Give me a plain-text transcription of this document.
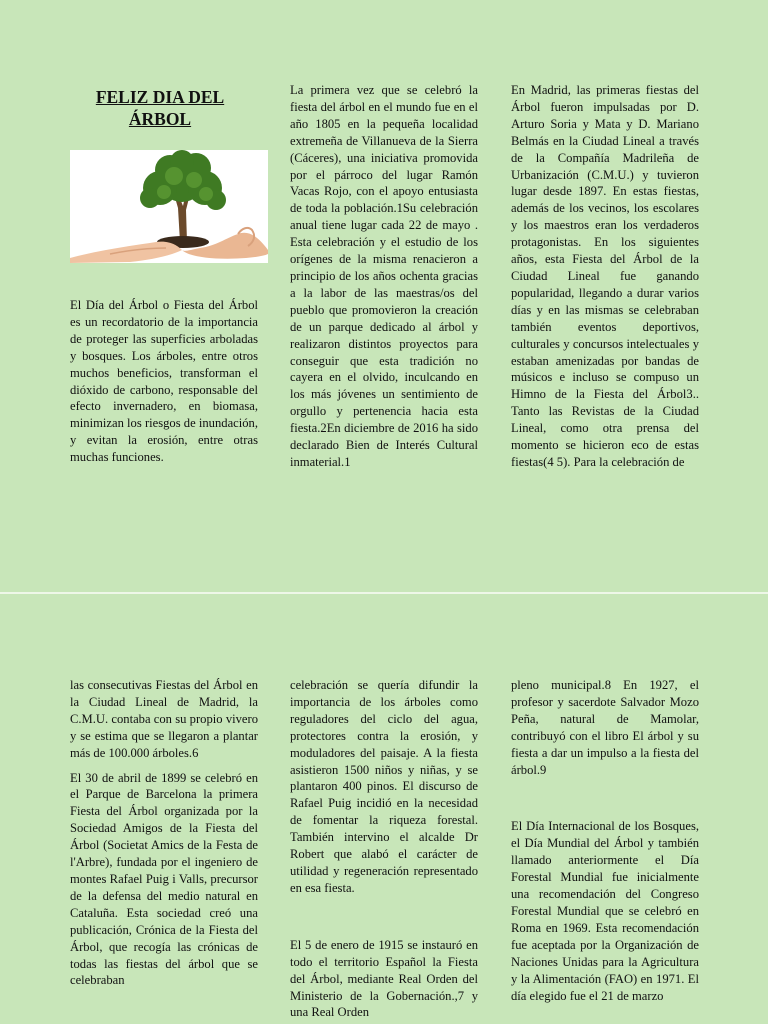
FELIZ DIA DEL ÁRBOL

El Día del Árbol o Fiesta del Árbol es un recordatorio de la importancia de proteger las superficies arboladas y bosques. Los árboles, entre otros muchos beneficios, transforman el dióxido de carbono, responsable del efecto invernadero, en biomasa, minimizan los riesgos de inundación, y evitan la erosión, entre otras muchas funciones.

La primera vez que se celebró la fiesta del árbol en el mundo fue en el año 1805 en la pequeña localidad extremeña de Villanueva de la Sierra (Cáceres), una iniciativa promovida por el párroco del lugar Ramón Vacas Rojo, con el apoyo entusiasta de toda la población.1Su celebración anual tiene lugar cada 22 de mayo . Esta celebración y el estudio de los orígenes de la misma renacieron a principio de los años ochenta gracias a la labor de las maestras/os del pueblo que promovieron la creación de un parque dedicado al árbol y realizaron distintos proyectos para conseguir que esta tradición no cayera en el olvido, inculcando en los más jóvenes un sentimiento de orgullo y pertenencia hacia esta fiesta.2En diciembre de 2016 ha sido declarado Bien de Interés Cultural inmaterial.1

En Madrid, las primeras fiestas del Árbol fueron impulsadas por D. Arturo Soria y Mata y D. Mariano Belmás en la Ciudad Lineal a través de la Compañía Madrileña de Urbanización (C.M.U.) y tuvieron lugar desde 1897. En estas fiestas, además de los vecinos, los escolares y los maestros eran los verdaderos protagonistas. En los siguientes años, esta Fiesta del Árbol de la Ciudad Lineal fue ganando popularidad, llegando a durar varios días y en las mismas se celebraban también eventos deportivos, culturales y concursos intelectuales y estaban amenizadas por bandas de músicos e incluso se compuso un Himno de la Fiesta del Árbol3.. Tanto las Revistas de la Ciudad Lineal, como otra prensa del momento se hicieron eco de estas fiestas(4 5). Para la celebración de

las consecutivas Fiestas del Árbol en la Ciudad Lineal de Madrid, la C.M.U. contaba con su propio vivero y se estima que se llegaron a plantar más de 100.000 árboles.6

El 30 de abril de 1899 se celebró en el Parque de Barcelona la primera Fiesta del Árbol organizada por la Sociedad Amigos de la Fiesta del Árbol (Societat Amics de la Festa de l'Arbre), fundada por el ingeniero de montes Rafael Puig i Valls, precursor de la defensa del medio natural en Cataluña. Esta sociedad creó una publicación, Crónica de la Fiesta del Árbol, que recogía las crónicas de todas las fiestas del árbol que se celebraban

celebración se quería difundir la importancia de los árboles como reguladores del ciclo del agua, protectores contra la erosión, y moduladores del paisaje. A la fiesta asistieron 1500 niños y niñas, y se plantaron 400 pinos. El discurso de Rafael Puig incidió en la necesidad de fomentar la riqueza forestal. También intervino el alcalde Dr Robert que alabó el carácter de utilidad y regeneración representado en esa fiesta.

El 5 de enero de 1915 se instauró en todo el territorio Español la Fiesta del Árbol, mediante Real Orden del Ministerio de la Gobernación.,7 y una Real Orden

pleno municipal.8 En 1927, el profesor y sacerdote Salvador Mozo Peña, natural de Mamolar, contribuyó con el libro El árbol y su fiesta a dar un impulso a la fiesta del árbol.9

El Día Internacional de los Bosques, el Día Mundial del Árbol y también llamado anteriormente el Día Forestal Mundial fue inicialmente una recomendación del Congreso Forestal Mundial que se celebró en Roma en 1969. Esta recomendación fue aceptada por la Organización de Naciones Unidas para la Agricultura y la Alimentación (FAO) en 1971. El día elegido fue el 21 de marzo
